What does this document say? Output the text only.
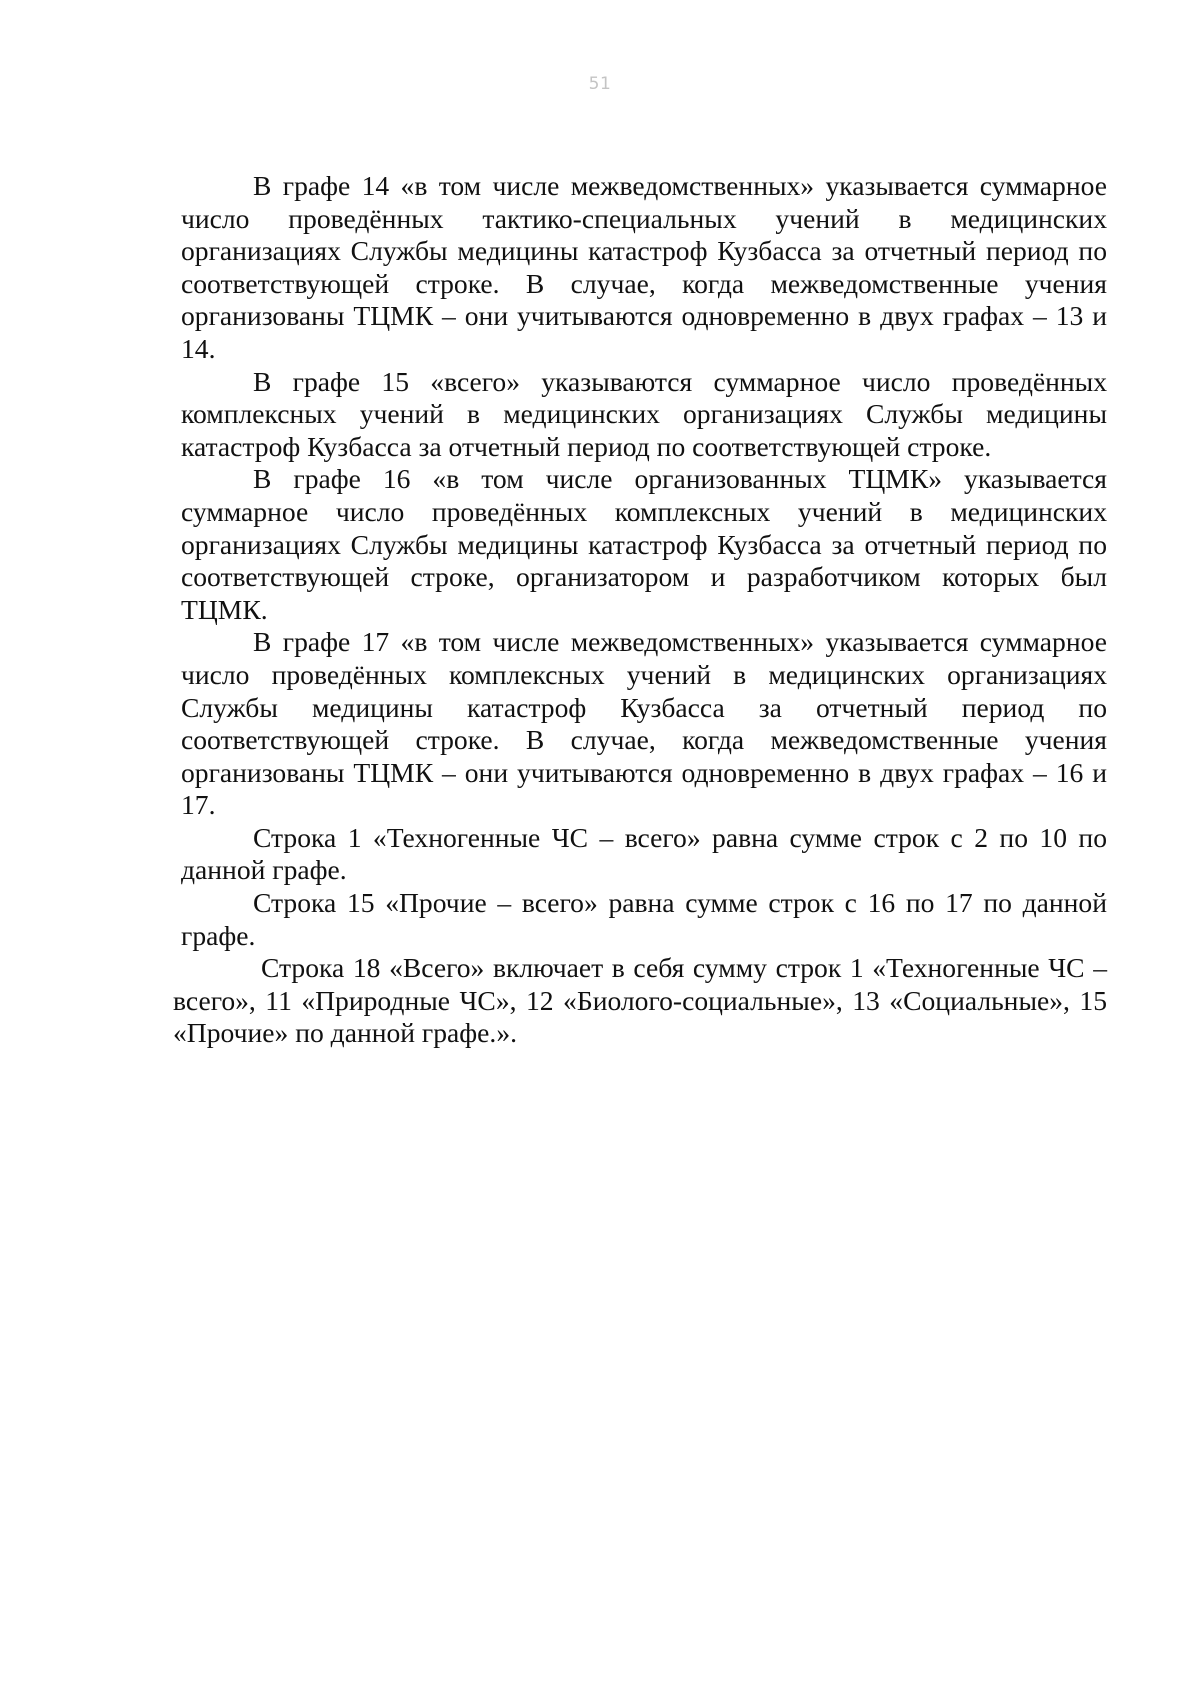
51

В графе 14 «в том числе межведомственных» указывается суммарное число проведённых тактико-специальных учений в медицинских организациях Службы медицины катастроф Кузбасса за отчетный период по соответствующей строке. В случае, когда межведомственные учения организованы ТЦМК – они учитываются одновременно в двух графах – 13 и 14.

В графе 15 «всего» указываются суммарное число проведённых комплексных учений в медицинских организациях Службы медицины катастроф Кузбасса за отчетный период по соответствующей строке.

В графе 16 «в том числе организованных ТЦМК» указывается суммарное число проведённых комплексных учений в медицинских организациях Службы медицины катастроф Кузбасса за отчетный период по соответствующей строке, организатором и разработчиком которых был ТЦМК.

В графе 17 «в том числе межведомственных» указывается суммарное число проведённых комплексных учений в медицинских организациях Службы медицины катастроф Кузбасса за отчетный период по соответствующей строке. В случае, когда межведомственные учения организованы ТЦМК – они учитываются одновременно в двух графах – 16 и 17.

Строка 1 «Техногенные ЧС – всего» равна сумме строк с 2 по 10 по данной графе.

Строка 15 «Прочие – всего» равна сумме строк с 16 по 17 по данной графе.

Строка 18 «Всего» включает в себя сумму строк 1 «Техногенные ЧС – всего», 11 «Природные ЧС», 12 «Биолого-социальные», 13 «Социальные», 15 «Прочие» по данной графе.».
